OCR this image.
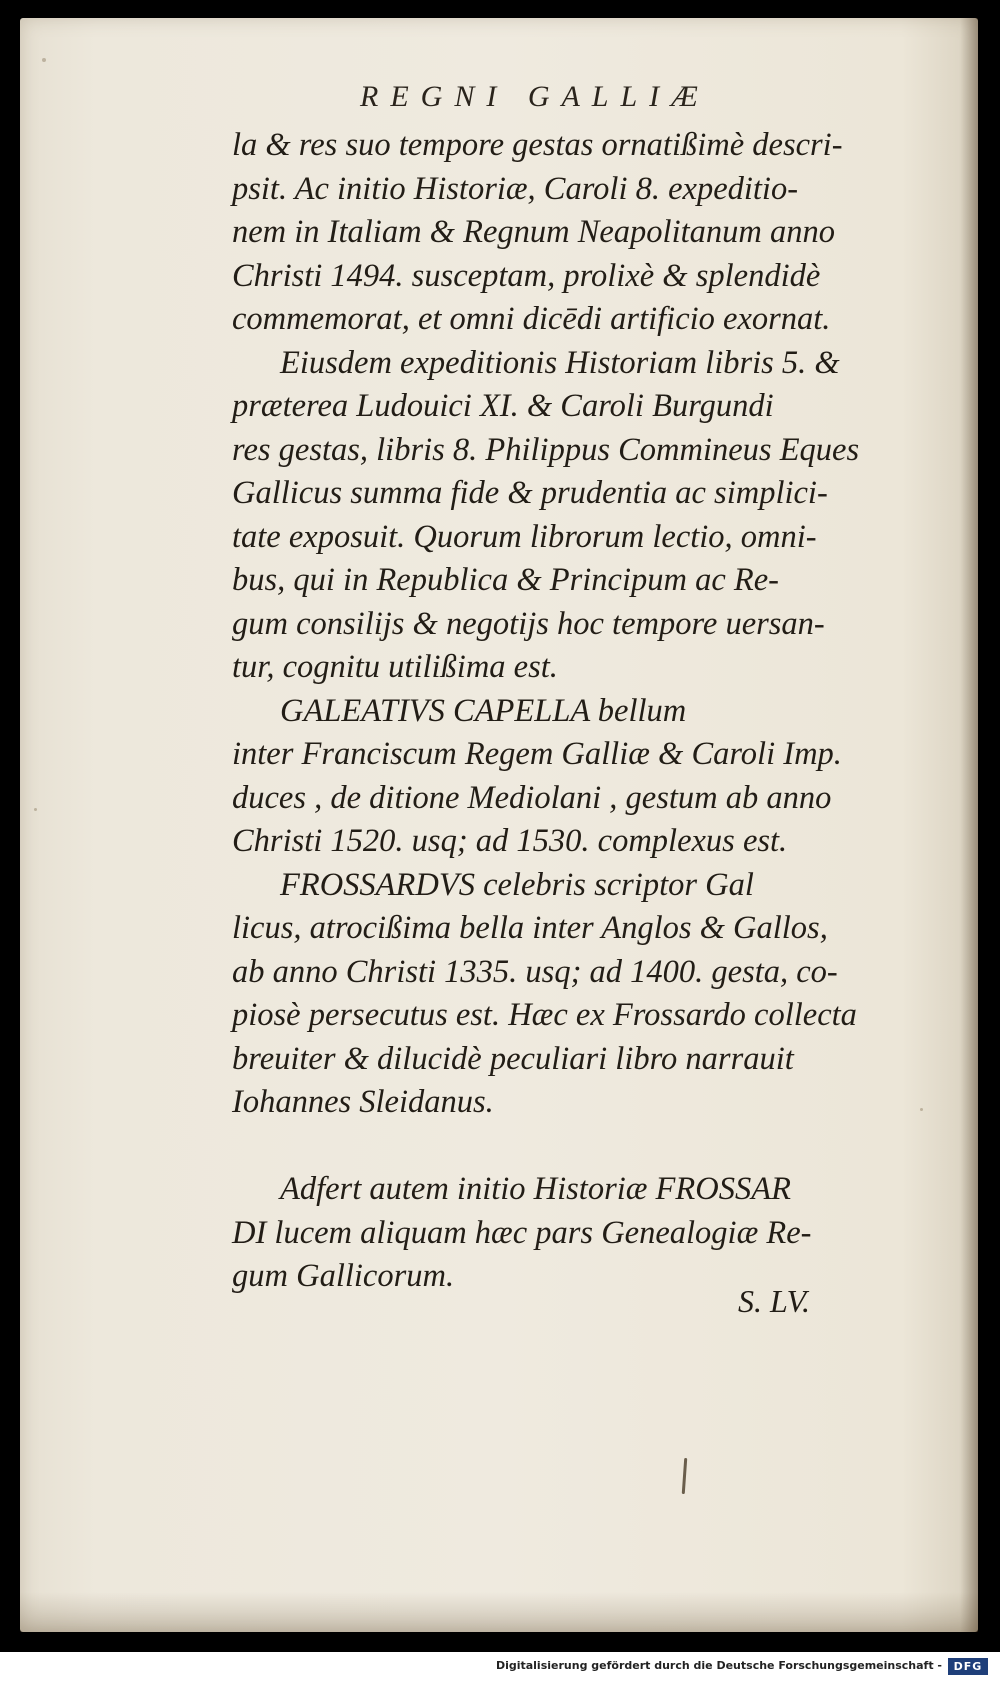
REGNI GALLIÆ
la & res suo tempore gestas ornatißimè descri-
psit. Ac initio Historiæ, Caroli 8. expeditio-
nem in Italiam & Regnum Neapolitanum anno
Christi 1494. susceptam, prolixè & splendidè
commemorat, et omni dicēdi artificio exornat.
Eiusdem expeditionis Historiam libris 5. &
præterea Ludouici XI. & Caroli Burgundi
res gestas, libris 8. Philippus Commineus Eques
Gallicus summa fide & prudentia ac simplici-
tate exposuit. Quorum librorum lectio, omni-
bus, qui in Republica & Principum ac Re-
gum consilijs & negotijs hoc tempore uersan-
tur, cognitu utilißima est.
GALEATIVS CAPELLA bellum
inter Franciscum Regem Galliæ & Caroli Imp.
duces , de ditione Mediolani , gestum ab anno
Christi 1520. usq; ad 1530. complexus est.
FROSSARDVS celebris scriptor Gal
licus, atrocißima bella inter Anglos & Gallos,
ab anno Christi 1335. usq; ad 1400. gesta, co-
piosè persecutus est. Hæc ex Frossardo collecta
breuiter & dilucidè peculiari libro narrauit
Iohannes Sleidanus.
Adfert autem initio Historiæ FROSSAR
DI lucem aliquam hæc pars Genealogiæ Re-
gum Gallicorum.
S. LV.
Digitalisierung gefördert durch die Deutsche Forschungsgemeinschaft -	DFG
